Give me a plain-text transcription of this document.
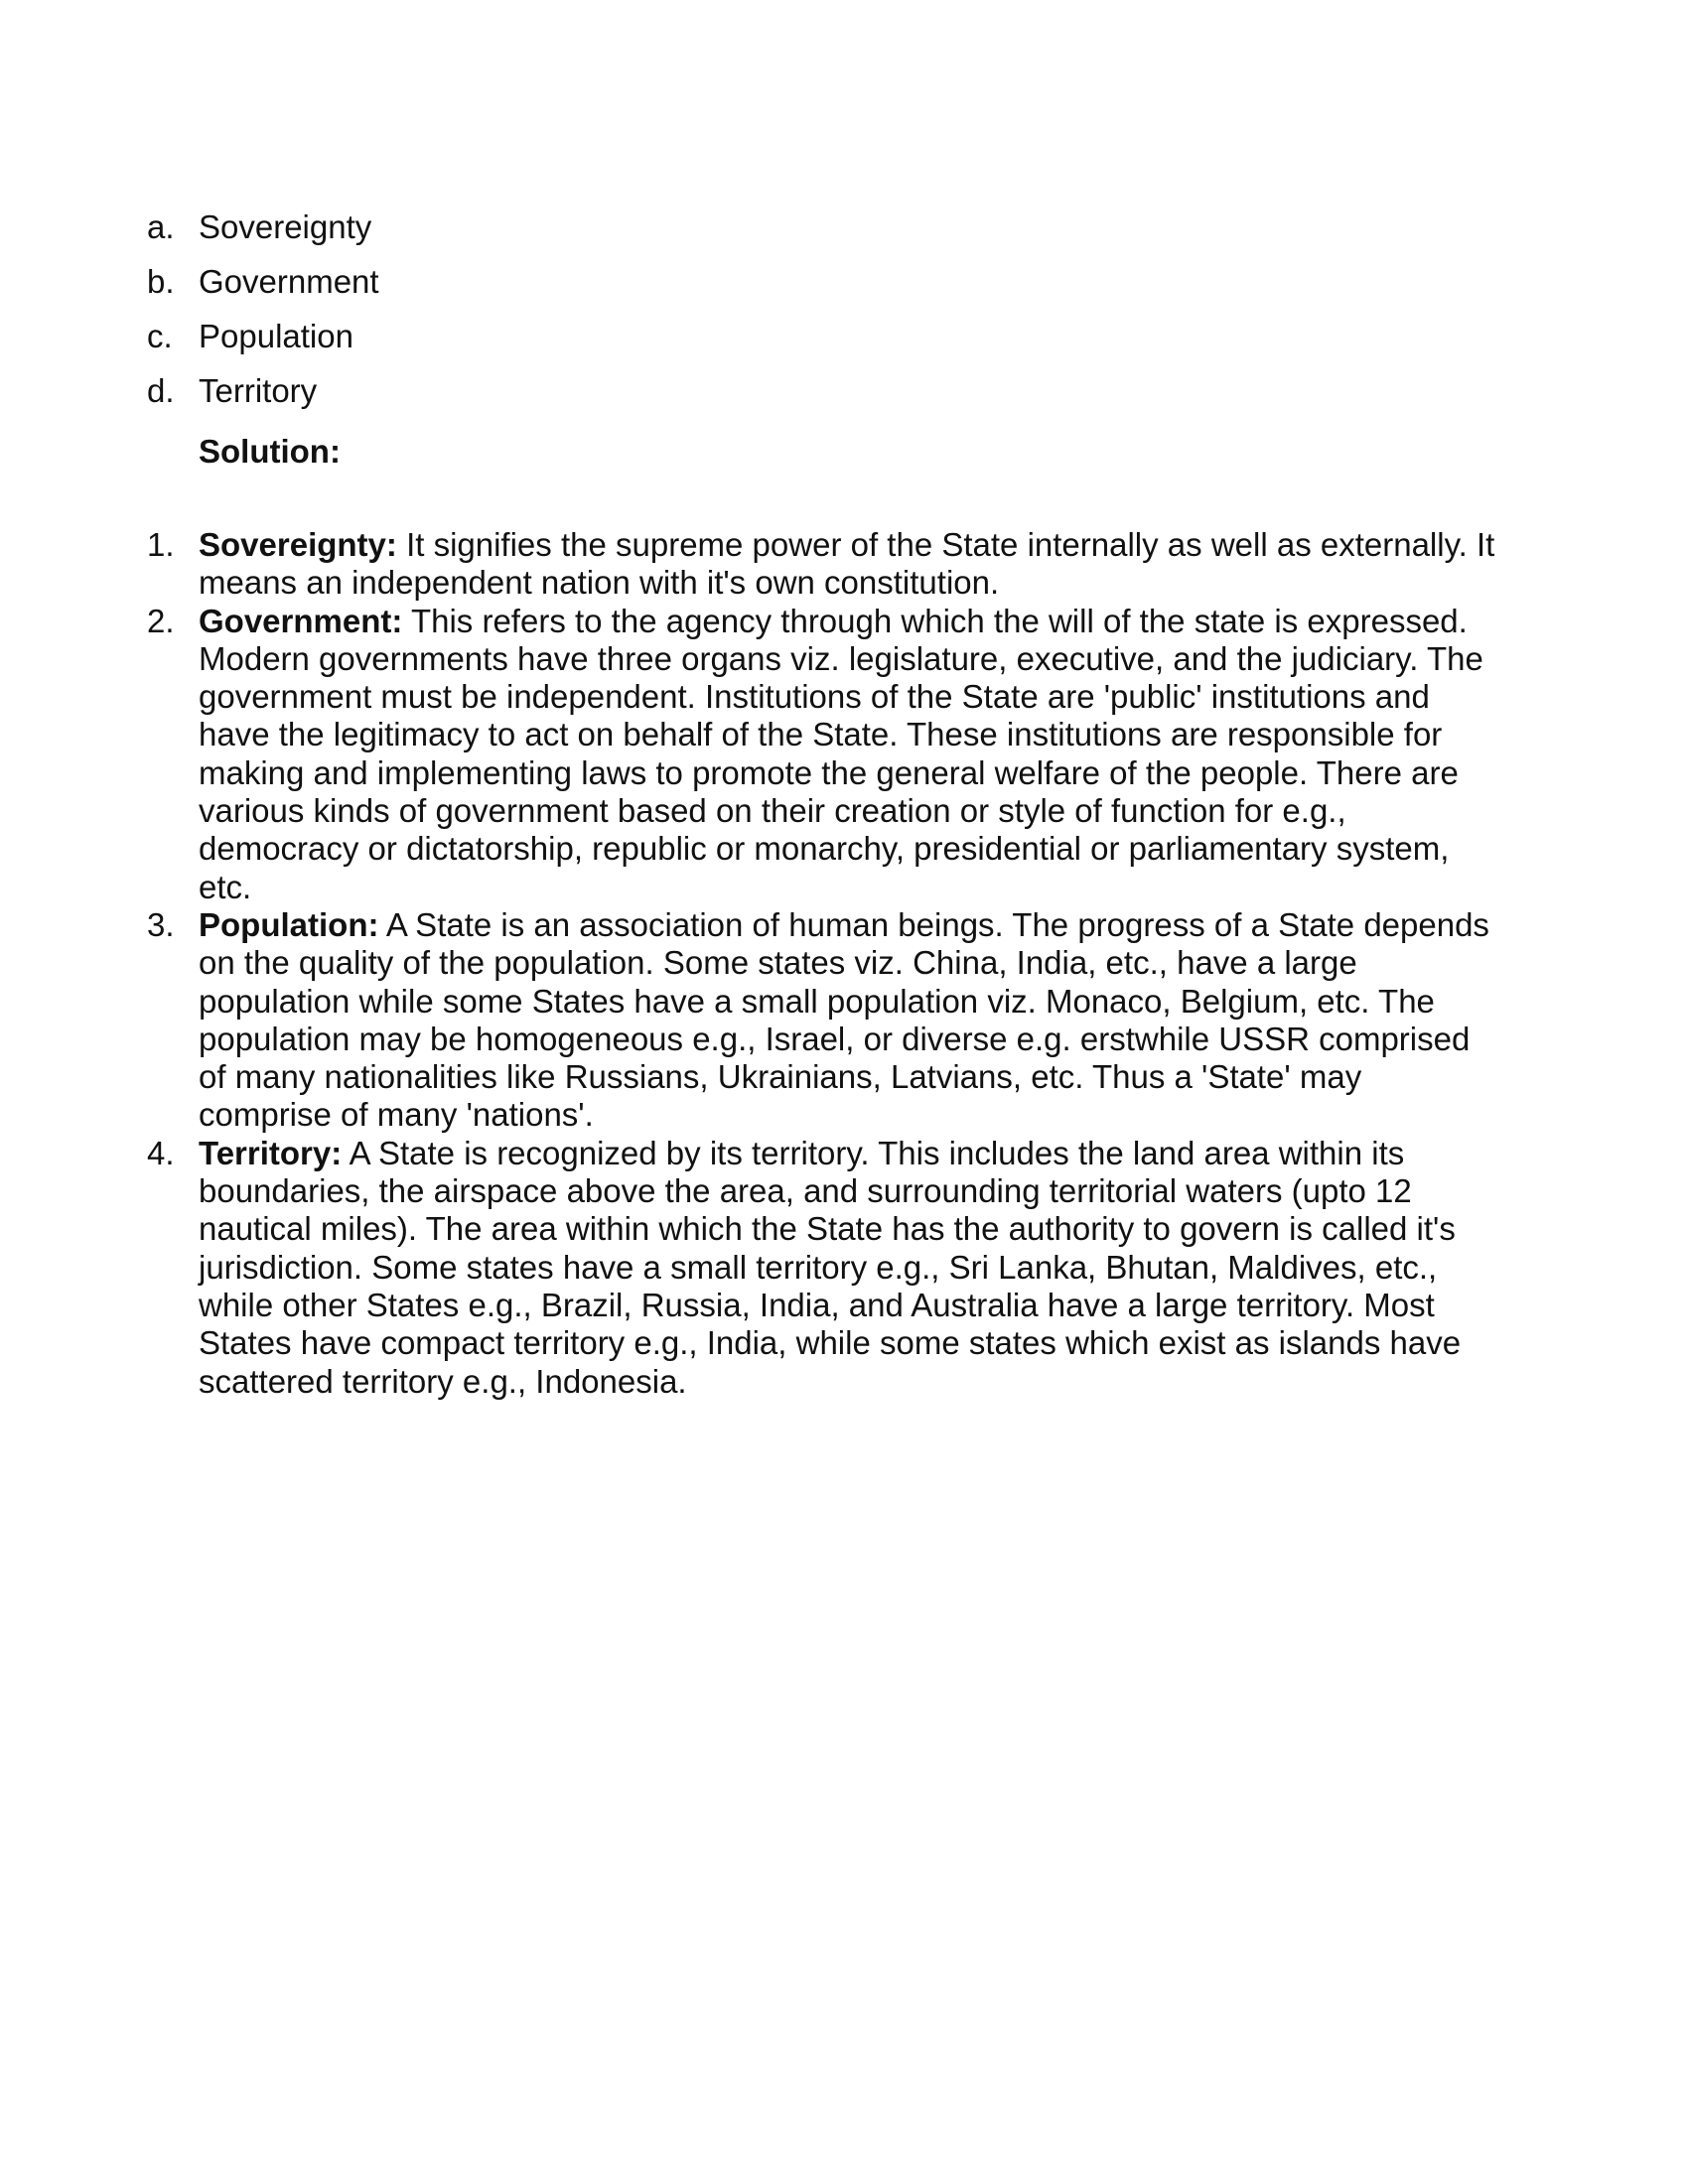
a. Sovereignty
b. Government
c. Population
d. Territory

Solution:

1. Sovereignty: It signifies the supreme power of the State internally as well as externally. It means an independent nation with it's own constitution.
2. Government: This refers to the agency through which the will of the state is expressed. Modern governments have three organs viz. legislature, executive, and the judiciary. The government must be independent. Institutions of the State are 'public' institutions and have the legitimacy to act on behalf of the State. These institutions are responsible for making and implementing laws to promote the general welfare of the people. There are various kinds of government based on their creation or style of function for e.g., democracy or dictatorship, republic or monarchy, presidential or parliamentary system, etc.
3. Population: A State is an association of human beings. The progress of a State depends on the quality of the population. Some states viz. China, India, etc., have a large population while some States have a small population viz. Monaco, Belgium, etc. The population may be homogeneous e.g., Israel, or diverse e.g. erstwhile USSR comprised of many nationalities like Russians, Ukrainians, Latvians, etc. Thus a 'State' may comprise of many 'nations'.
4. Territory: A State is recognized by its territory. This includes the land area within its boundaries, the airspace above the area, and surrounding territorial waters (upto 12 nautical miles). The area within which the State has the authority to govern is called it's jurisdiction. Some states have a small territory e.g., Sri Lanka, Bhutan, Maldives, etc., while other States e.g., Brazil, Russia, India, and Australia have a large territory. Most States have compact territory e.g., India, while some states which exist as islands have scattered territory e.g., Indonesia.
